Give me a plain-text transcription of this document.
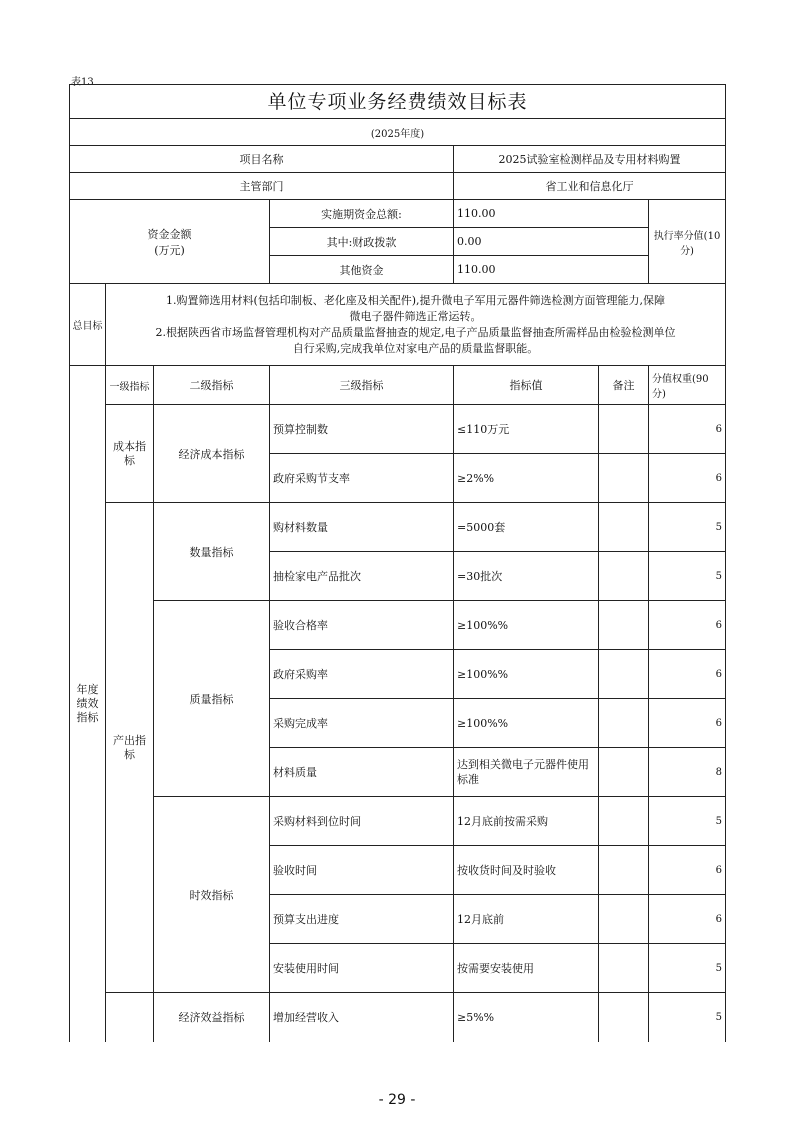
表13
单位专项业务经费绩效目标表						
(2025年度)						
项目名称				2025试验室检测样品及专用材料购置		
主管部门				省工业和信息化厅		

资金金额
(万元)			实施期资金总额:	110.00		执行率分值(10分)
			其中:财政拨款	0.00		
			其他资金	110.00		
总目标	1.购置筛选用材料(包括印制板、老化座及相关配件),提升微电子军用元器件筛选检测方面管理能力,保障

微电子器件筛选正常运转。

2.根据陕西省市场监督管理机构对产品质量监督抽查的规定,电子产品质量监督抽查所需样品由检验检测单位

自行采购,完成我单位对家电产品的质量监督职能。					

年度绩效指标	一级指标	二级指标	三级指标	指标值	备注	分值权重(90分)
	成本指标	经济成本指标	预算控制数	≤110万元		6
			政府采购节支率	≥2%%		6
	产出指标	数量指标	购材料数量	=5000套		5
			抽检家电产品批次	=30批次		5
		质量指标	验收合格率	≥100%%		6
			政府采购率	≥100%%		6
			采购完成率	≥100%%		6
			材料质量	达到相关微电子元器件使用标准		8
		时效指标	采购材料到位时间	12月底前按需采购		5
			验收时间	按收货时间及时验收		6
			预算支出进度	12月底前		6
			安装使用时间	按需要安装使用		5
		经济效益指标	增加经营收入	≥5%%		5
- 29 -
